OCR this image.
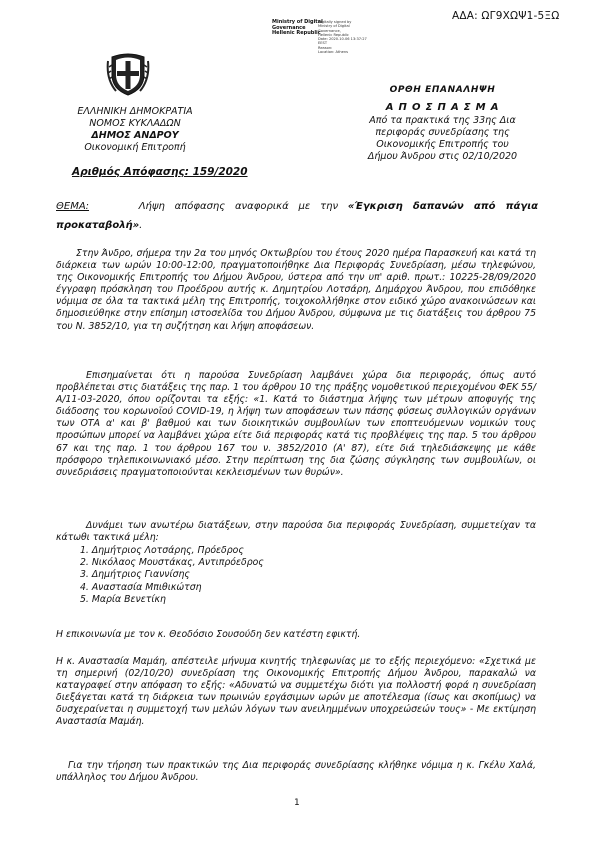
ΑΔΑ: ΩΓ9ΧΩΨ1-5ΞΩ
Ministry of Digital
Governance
Hellenic Republic
Digitally signed by
Ministry of Digital
Governance,
Hellenic Republic
Date: 2020.10.06 13:37:27
EEST
Reason:
Location: Athens
ΕΛΛΗΝΙΚΗ ΔΗΜΟΚΡΑΤΙΑ
ΝΟΜΟΣ ΚΥΚΛΑΔΩΝ
ΔΗΜΟΣ ΑΝΔΡΟΥ
Οικονομική Επιτροπή
Αριθμός Απόφασης: 159/2020
ΟΡΘΗ ΕΠΑΝΑΛΗΨΗ
Α Π Ο Σ Π Α Σ Μ Α
Από τα πρακτικά της 33ης Δια
περιφοράς συνεδρίασης της
Οικονομικής Επιτροπής του
Δήμου Άνδρου στις 02/10/2020
ΘΕΜΑ:	Λήψη απόφασης αναφορικά με την «Έγκριση δαπανών από πάγια προκαταβολή».

Στην Άνδρο, σήμερα την 2α του μηνός Οκτωβρίου του έτους 2020 ημέρα Παρασκευή και κατά τη διάρκεια των ωρών 10:00-12:00, πραγματοποιήθηκε Δια Περιφοράς Συνεδρίαση, μέσω τηλεφώνου, της Οικονομικής Επιτροπής του Δήμου Άνδρου, ύστερα από την υπ' αριθ. πρωτ.: 10225-28/09/2020 έγγραφη πρόσκληση του Προέδρου αυτής κ. Δημητρίου Λοτσάρη, Δημάρχου Άνδρου, που επιδόθηκε νόμιμα σε όλα τα τακτικά μέλη της Επιτροπής, τοιχοκολλήθηκε στον ειδικό χώρο ανακοινώσεων και δημοσιεύθηκε στην επίσημη ιστοσελίδα του Δήμου Άνδρου, σύμφωνα με τις διατάξεις του άρθρου 75 του Ν. 3852/10, για τη συζήτηση και λήψη αποφάσεων.

Επισημαίνεται ότι η παρούσα Συνεδρίαση λαμβάνει χώρα δια περιφοράς, όπως αυτό προβλέπεται στις διατάξεις της παρ. 1 του άρθρου 10 της πράξης νομοθετικού περιεχομένου ΦΕΚ 55/Α/11-03-2020, όπου ορίζονται τα εξής: «1. Κατά το διάστημα λήψης των μέτρων αποφυγής της διάδοσης του κορωνοϊού COVID-19, η λήψη των αποφάσεων των πάσης φύσεως συλλογικών οργάνων των ΟΤΑ α' και β' βαθμού και των διοικητικών συμβουλίων των εποπτευόμενων νομικών τους προσώπων μπορεί να λαμβάνει χώρα είτε διά περιφοράς κατά τις προβλέψεις της παρ. 5 του άρθρου 67 και της παρ. 1 του άρθρου 167 του ν. 3852/2010 (Α' 87), είτε διά τηλεδιάσκεψης με κάθε πρόσφορο τηλεπικοινωνιακό μέσο. Στην περίπτωση της δια ζώσης σύγκλησης των συμβουλίων, οι συνεδριάσεις πραγματοποιούνται κεκλεισμένων των θυρών».

Δυνάμει των ανωτέρω διατάξεων, στην παρούσα δια περιφοράς Συνεδρίαση, συμμετείχαν τα κάτωθι τακτικά μέλη:

1. Δημήτριος Λοτσάρης, Πρόεδρος
2. Νικόλαος Μουστάκας, Αντιπρόεδρος
3. Δημήτριος Γιαννίσης
4. Αναστασία Μπιθικώτση
5. Μαρία Βενετίκη

Η επικοινωνία με τον κ. Θεοδόσιο Σουσούδη δεν κατέστη εφικτή.

Η κ. Αναστασία Μαμάη, απέστειλε μήνυμα κινητής τηλεφωνίας με το εξής περιεχόμενο: «Σχετικά με τη σημερινή (02/10/20) συνεδρίαση της Οικονομικής Επιτροπής Δήμου Άνδρου, παρακαλώ να καταγραφεί στην απόφαση το εξής: «Αδυνατώ να συμμετέχω διότι για πολλοστή φορά η συνεδρίαση διεξάγεται κατά τη διάρκεια των πρωινών εργάσιμων ωρών με αποτέλεσμα (ίσως και σκοπίμως) να δυσχεραίνεται η συμμετοχή των μελών λόγων των ανειλημμένων υποχρεώσεών τους» - Με εκτίμηση Αναστασία Μαμάη.

Για την τήρηση των πρακτικών της Δια περιφοράς συνεδρίασης κλήθηκε νόμιμα η κ. Γκέλυ Χαλά, υπάλληλος του Δήμου Άνδρου.

1
